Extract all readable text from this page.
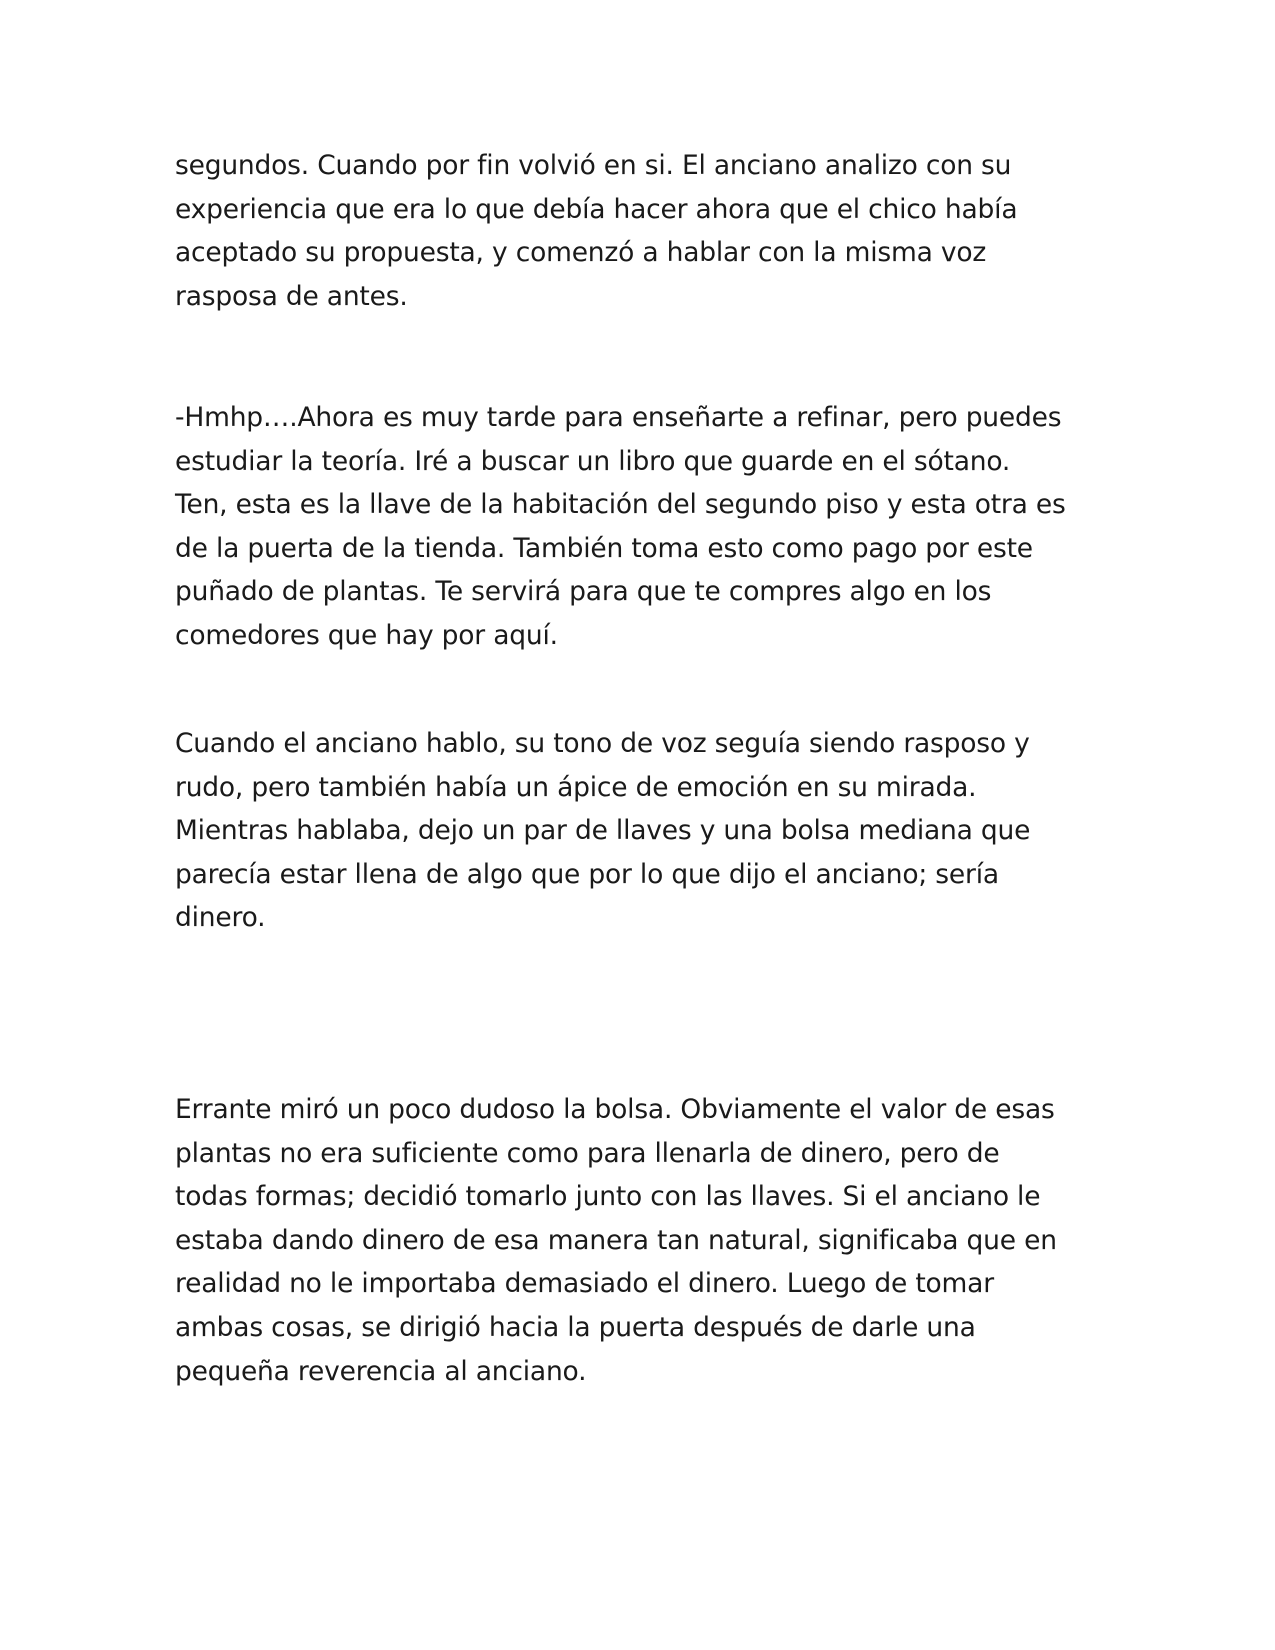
segundos. Cuando por fin volvió en si. El anciano analizo con su
experiencia que era lo que debía hacer ahora que el chico había
aceptado su propuesta, y comenzó a hablar con la misma voz
rasposa de antes.

-Hmhp….Ahora es muy tarde para enseñarte a refinar, pero puedes
estudiar la teoría. Iré a buscar un libro que guarde en el sótano.
Ten, esta es la llave de la habitación del segundo piso y esta otra es
de la puerta de la tienda. También toma esto como pago por este
puñado de plantas. Te servirá para que te compres algo en los
comedores que hay por aquí.

Cuando el anciano hablo, su tono de voz seguía siendo rasposo y
rudo, pero también había un ápice de emoción en su mirada.
Mientras hablaba, dejo un par de llaves y una bolsa mediana que
parecía estar llena de algo que por lo que dijo el anciano; sería
dinero.

Errante miró un poco dudoso la bolsa. Obviamente el valor de esas
plantas no era suficiente como para llenarla de dinero, pero de
todas formas; decidió tomarlo junto con las llaves. Si el anciano le
estaba dando dinero de esa manera tan natural, significaba que en
realidad no le importaba demasiado el dinero. Luego de tomar
ambas cosas, se dirigió hacia la puerta después de darle una
pequeña reverencia al anciano.
